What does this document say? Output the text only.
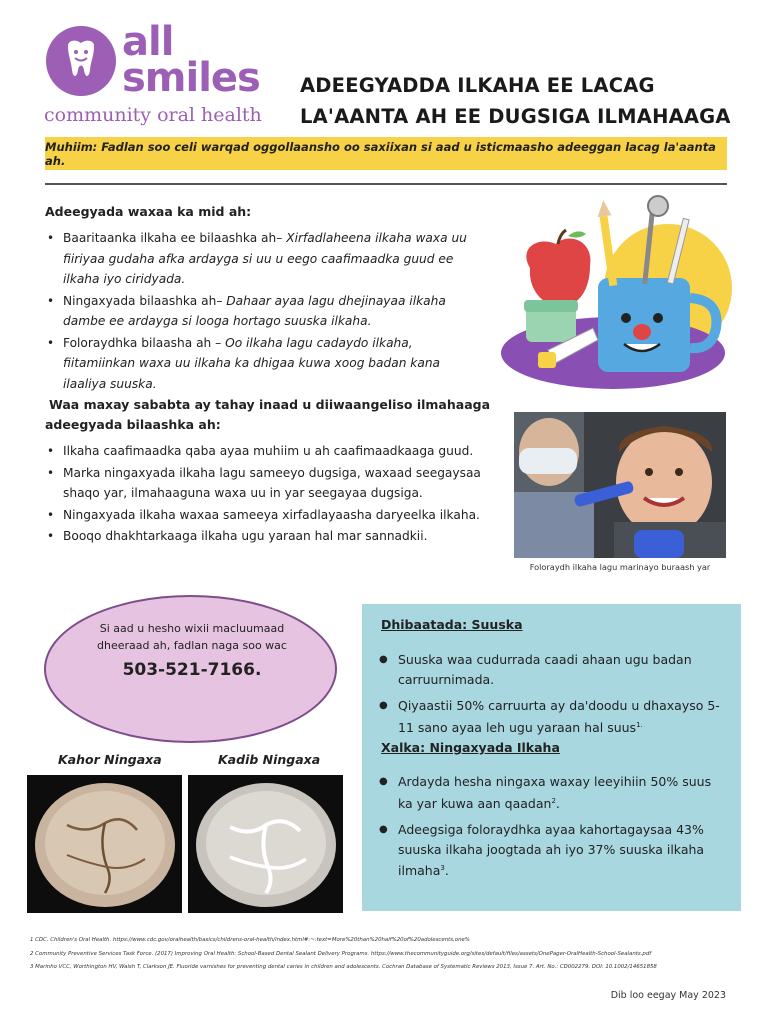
all
smiles
community oral health
ADEEGYADDA ILKAHA EE LACAG
LA'AANTA AH EE DUGSIGA ILMAHAAGA
Muhiim: Fadlan soo celi warqad oggollaansho oo saxiixan si aad u isticmaasho adeeggan lacag la'aanta ah.
Adeegyada waxaa ka mid ah:
• Baaritaanka ilkaha ee bilaashka ah– Xirfadlaheena ilkaha waxa uu fiiriyaa gudaha afka ardayga si uu u eego caafimaadka guud ee ilkaha iyo ciridyada.
• Ningaxyada bilaashka ah– Dahaar ayaa lagu dhejinayaa ilkaha dambe ee ardayga si looga hortago suuska ilkaha.
• Foloraydhka bilaasha ah – Oo ilkaha lagu cadaydo ilkaha, fiitamiinkan waxa uu ilkaha ka dhigaa kuwa xoog badan kana ilaaliya suuska.
Waa maxay sababta ay tahay inaad u diiwaangeliso ilmahaaga
adeegyada bilaashka ah:
• Ilkaha caafimaadka qaba ayaa muhiim u ah caafimaadkaaga guud.
• Marka ningaxyada ilkaha lagu sameeyo dugsiga, waxaad seegaysaa shaqo yar, ilmahaaguna waxa uu in yar seegayaa dugsiga.
• Ningaxyada ilkaha waxaa sameeya xirfadlayaasha daryeelka ilkaha.
• Booqo dhakhtarkaaga ilkaha ugu yaraan hal mar sannadkii.
Foloraydh ilkaha lagu marinayo buraash yar
Si aad u hesho wixii macluumaad dheeraad ah, fadlan naga soo wac
503-521-7166.
Kahor Ningaxa	Kadib Ningaxa
Dhibaatada: Suuska
● Suuska waa cudurrada caadi ahaan ugu badan carruurnimada.
● Qiyaastii 50% carruurta ay da'doodu u dhaxayso 5-11 sano ayaa leh ugu yaraan hal suus$^{1.}$
Xalka: Ningaxyada Ilkaha
● Ardayda hesha ningaxa waxay leeyihiin 50% suus ka yar kuwa aan qaadan$^2$.
● Adeegsiga foloraydhka ayaa kahortagaysaa 43% suuska ilkaha joogtada ah iyo 37% suuska ilkaha ilmaha$^3$.
1 CDC. Children's Oral Health. https://www.cdc.gov/oralhealth/basics/childrens-oral-health/index.html#:~:text=More%20than%20half%20of%20adolescents,one%
2 Community Preventive Services Task Force. (2017) Improving Oral Health: School-Based Dental Sealant Delivery Programs. https://www.thecommunityguide.org/sites/default/files/assets/OnePager-OralHealth-School-Sealants.pdf
3 Marinho VCC, Worthington HV, Walsh T, Clarkson JE. Fluoride varnishes for preventing dental caries in children and adolescents. Cochran Database of Systematic Reviews 2013, Issue 7. Art. No.: CD002279. DOI: 10.1002/14651858
Dib loo eegay May 2023
